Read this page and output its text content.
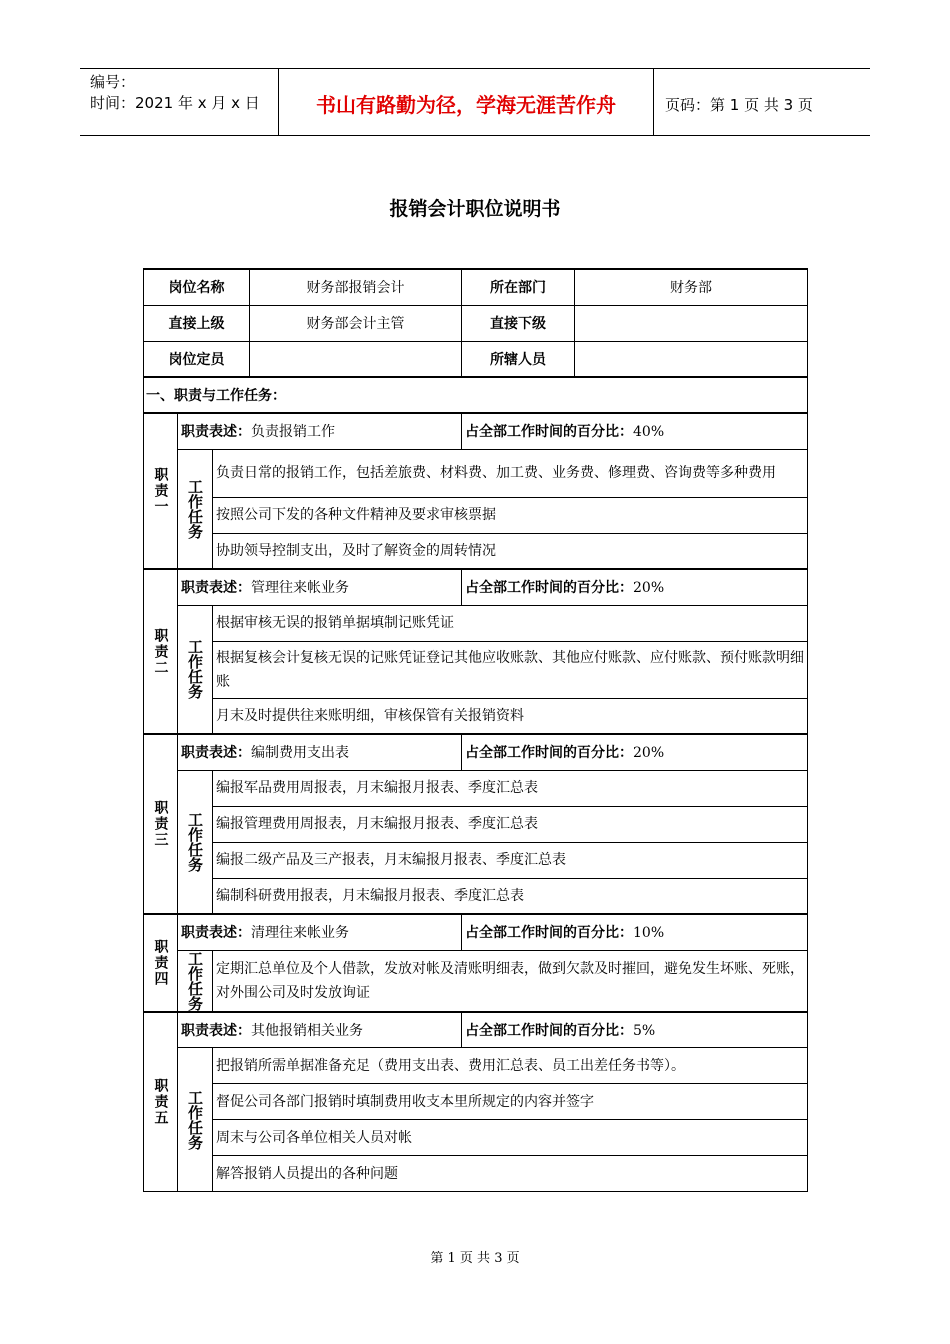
编号：
时间：2021 年 x 月 x 日	书山有路勤为径，学海无涯苦作舟	页码：第 1 页 共 3 页
报销会计职位说明书
岗位名称			财务部报销会计	所在部门	财务部
直接上级			财务部会计主管	直接下级	
岗位定员				所辖人员	
一、职责与工作任务：					
职责一	职责表述：负责报销工作			占全部工作时间的百分比：40%	
	工作任务	负责日常的报销工作，包括差旅费、材料费、加工费、业务费、修理费、咨询费等多种费用			
		按照公司下发的各种文件精神及要求审核票据			
		协助领导控制支出，及时了解资金的周转情况			
职责二	职责表述：管理往来帐业务			占全部工作时间的百分比：20%	
	工作任务	根据审核无误的报销单据填制记账凭证			
		根据复核会计复核无误的记账凭证登记其他应收账款、其他应付账款、应付账款、预付账款明细账			
		月末及时提供往来账明细，审核保管有关报销资料			
职责三	职责表述：编制费用支出表			占全部工作时间的百分比：20%	
	工作任务	编报军品费用周报表，月末编报月报表、季度汇总表			
		编报管理费用周报表，月末编报月报表、季度汇总表			
		编报二级产品及三产报表，月末编报月报表、季度汇总表			
		编制科研费用报表，月末编报月报表、季度汇总表			
职责四	职责表述：清理往来帐业务			占全部工作时间的百分比：10%	
	工作任务	定期汇总单位及个人借款，发放对帐及清账明细表，做到欠款及时摧回，避免发生坏账、死账，对外围公司及时发放询证			
职责五	职责表述：其他报销相关业务			占全部工作时间的百分比：5%	
	工作任务	把报销所需单据准备充足（费用支出表、费用汇总表、员工出差任务书等）。			
		督促公司各部门报销时填制费用收支本里所规定的内容并签字			
		周末与公司各单位相关人员对帐			
		解答报销人员提出的各种问题			
第 1 页 共 3 页
